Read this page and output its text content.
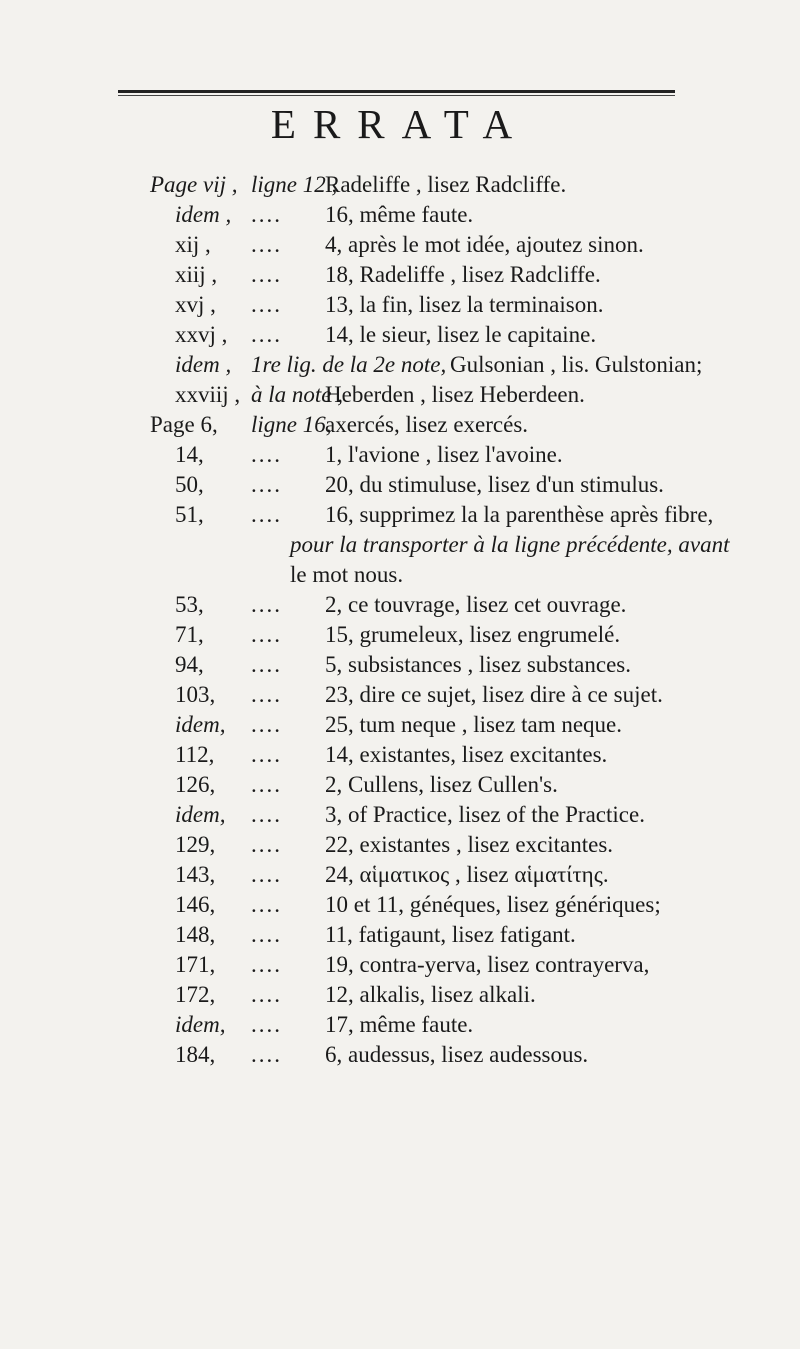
ERRATA
Page vij , ligne 12 ,
Radeliffe , lisez Radcliffe.
idem , .... 16, même faute.
xij , .... 4, après le mot idée, ajoutez sinon.
xiij , .... 18, Radeliffe , lisez Radcliffe.
xvj , .... 13, la fin, lisez la terminaison.
xxvj , .... 14, le sieur, lisez le capitaine.
idem , 1re lig. de la 2e note, Gulsonian , lis. Gulstonian;
xxviij , à la note ,
Heberden , lisez Heberdeen.
Page 6, ligne 16,
axercés, lisez exercés.
14, .... 1, l'avione , lisez l'avoine.
50, .... 20, du stimuluse, lisez d'un stimulus.
51, .... 16, supprimez la la parenthèse après fibre,
pour la transporter à la ligne précédente, avant
le mot nous.
53, .... 2, ce touvrage, lisez cet ouvrage.
71, .... 15, grumeleux, lisez engrumelé.
94, .... 5, subsistances , lisez substances.
103, .... 23, dire ce sujet, lisez dire à ce sujet.
idem, .... 25, tum neque , lisez tam neque.
112, .... 14, existantes, lisez excitantes.
126, .... 2, Cullens, lisez Cullen's.
idem, .... 3, of Practice, lisez of the Practice.
129, .... 22, existantes , lisez excitantes.
143, .... 24, αἱματικος , lisez αἱματίτης.
146, .... 10 et 11, généques, lisez génériques;
148, .... 11, fatigaunt, lisez fatigant.
171, .... 19, contra-yerva, lisez contrayerva,
172, .... 12, alkalis, lisez alkali.
idem, .... 17, même faute.
184, .... 6, audessus, lisez audessous.
